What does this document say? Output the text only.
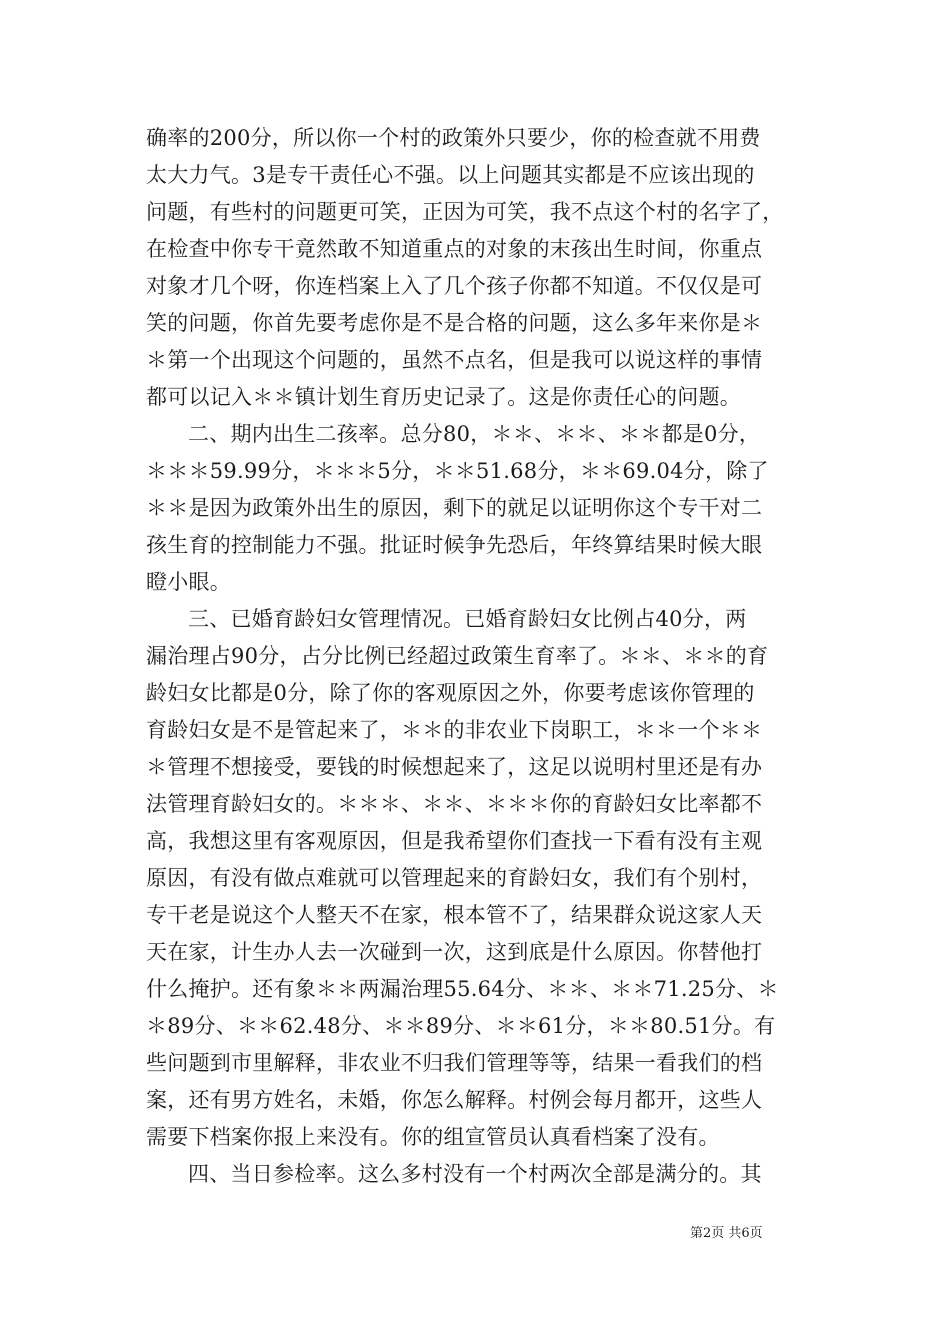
确率的200分，所以你一个村的政策外只要少，你的检查就不用费
太大力气。3是专干责任心不强。以上问题其实都是不应该出现的
问题，有些村的问题更可笑，正因为可笑，我不点这个村的名字了，
在检查中你专干竟然敢不知道重点的对象的末孩出生时间，你重点
对象才几个呀，你连档案上入了几个孩子你都不知道。不仅仅是可
笑的问题，你首先要考虑你是不是合格的问题，这么多年来你是＊
＊第一个出现这个问题的，虽然不点名，但是我可以说这样的事情
都可以记入＊＊镇计划生育历史记录了。这是你责任心的问题。
二、期内出生二孩率。总分80，＊＊、＊＊、＊＊都是0分，
＊＊＊59.99分，＊＊＊5分，＊＊51.68分，＊＊69.04分，除了
＊＊是因为政策外出生的原因，剩下的就足以证明你这个专干对二
孩生育的控制能力不强。批证时候争先恐后，年终算结果时候大眼
瞪小眼。
三、已婚育龄妇女管理情况。已婚育龄妇女比例占40分，两
漏治理占90分，占分比例已经超过政策生育率了。＊＊、＊＊的育
龄妇女比都是0分，除了你的客观原因之外，你要考虑该你管理的
育龄妇女是不是管起来了，＊＊的非农业下岗职工，＊＊一个＊＊
＊管理不想接受，要钱的时候想起来了，这足以说明村里还是有办
法管理育龄妇女的。＊＊＊、＊＊、＊＊＊你的育龄妇女比率都不
高，我想这里有客观原因，但是我希望你们查找一下看有没有主观
原因，有没有做点难就可以管理起来的育龄妇女，我们有个别村，
专干老是说这个人整天不在家，根本管不了，结果群众说这家人天
天在家，计生办人去一次碰到一次，这到底是什么原因。你替他打
什么掩护。还有象＊＊两漏治理55.64分、＊＊、＊＊71.25分、＊
＊89分、＊＊62.48分、＊＊89分、＊＊61分，＊＊80.51分。有
些问题到市里解释，非农业不归我们管理等等，结果一看我们的档
案，还有男方姓名，未婚，你怎么解释。村例会每月都开，这些人
需要下档案你报上来没有。你的组宣管员认真看档案了没有。
四、当日参检率。这么多村没有一个村两次全部是满分的。其
第2页 共6页
